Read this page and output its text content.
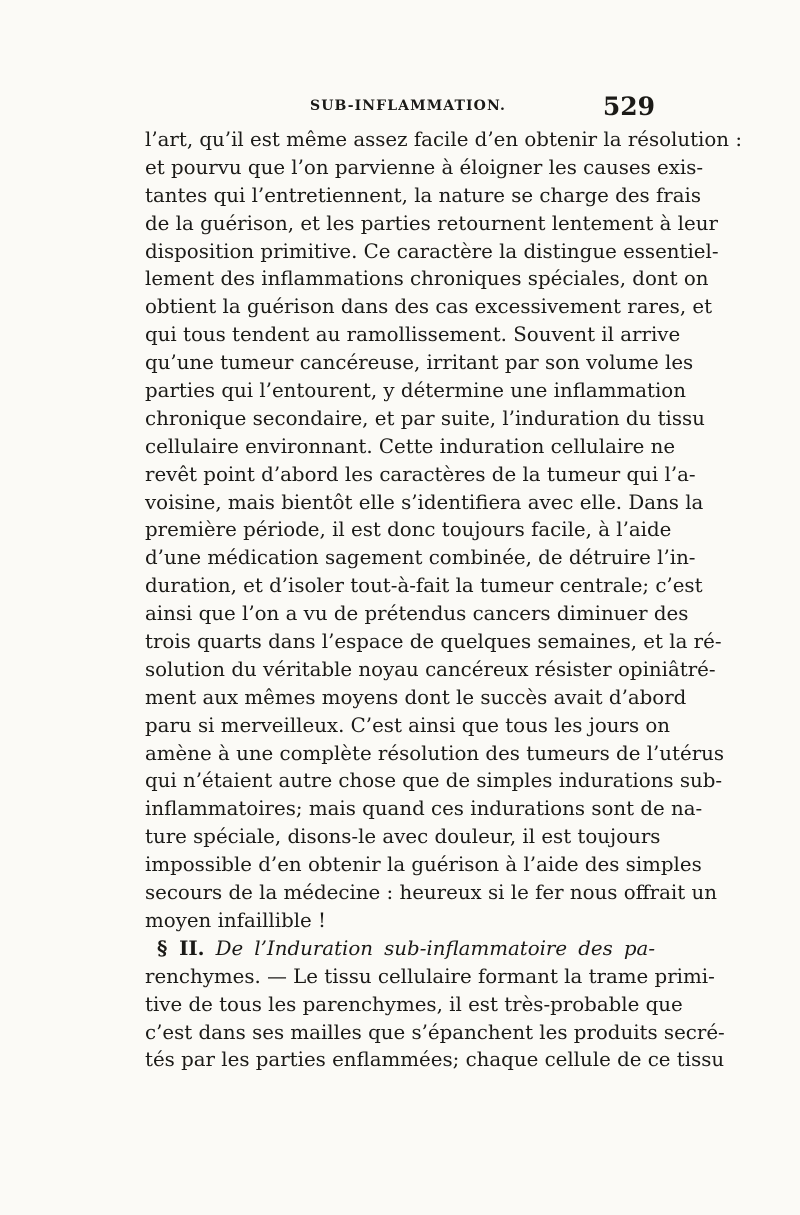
SUB-INFLAMMATION.	529
l’art, qu’il est même assez facile d’en obtenir la résolution :
et pourvu que l’on parvienne à éloigner les causes exis-
tantes qui l’entretiennent, la nature se charge des frais
de la guérison, et les parties retournent lentement à leur
disposition primitive. Ce caractère la distingue essentiel-
lement des inflammations chroniques spéciales, dont on
obtient la guérison dans des cas excessivement rares, et
qui tous tendent au ramollissement. Souvent il arrive
qu’une tumeur cancéreuse, irritant par son volume les
parties qui l’entourent, y détermine une inflammation
chronique secondaire, et par suite, l’induration du tissu
cellulaire environnant. Cette induration cellulaire ne
revêt point d’abord les caractères de la tumeur qui l’a-
voisine, mais bientôt elle s’identifiera avec elle. Dans la
première période, il est donc toujours facile, à l’aide
d’une médication sagement combinée, de détruire l’in-
duration, et d’isoler tout-à-fait la tumeur centrale; c’est
ainsi que l’on a vu de prétendus cancers diminuer des
trois quarts dans l’espace de quelques semaines, et la ré-
solution du véritable noyau cancéreux résister opiniâtré-
ment aux mêmes moyens dont le succès avait d’abord
paru si merveilleux. C’est ainsi que tous les jours on
amène à une complète résolution des tumeurs de l’utérus
qui n’étaient autre chose que de simples indurations sub-
inflammatoires; mais quand ces indurations sont de na-
ture spéciale, disons-le avec douleur, il est toujours
impossible d’en obtenir la guérison à l’aide des simples
secours de la médecine : heureux si le fer nous offrait un
moyen infaillible !
§ II. De l’Induration sub-inflammatoire des pa-
renchymes. — Le tissu cellulaire formant la trame primi-
tive de tous les parenchymes, il est très-probable que
c’est dans ses mailles que s’épanchent les produits secré-
tés par les parties enflammées; chaque cellule de ce tissu
